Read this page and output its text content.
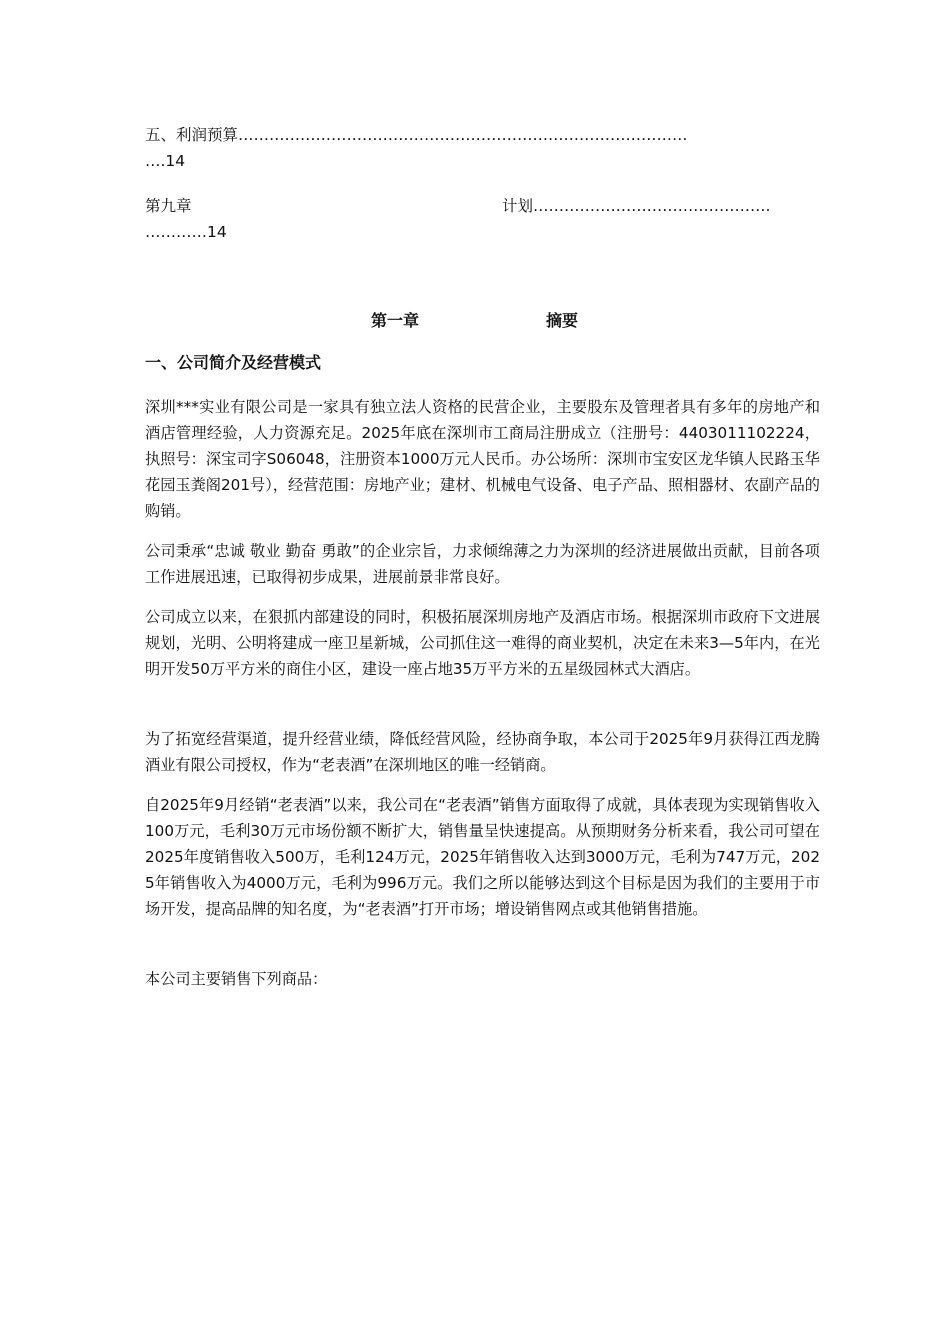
五、利润预算……………………………………………………………………………
….14
第九章	计划……………………………………….
…………14
第一章	摘要
一、公司简介及经营模式

深圳***实业有限公司是一家具有独立法人资格的民营企业，主要股东及管理者具有多年的房地产和酒店管理经验，人力资源充足。2025年底在深圳市工商局注册成立（注册号：4403011102224，执照号：深宝司字S06048，注册资本1000万元人民币。办公场所：深圳市宝安区龙华镇人民路玉华花园玉粪阁201号），经营范围：房地产业；建材、机械电气设备、电子产品、照相器材、农副产品的购销。

公司秉承“忠诚 敬业 勤奋 勇敢”的企业宗旨，力求倾绵薄之力为深圳的经济进展做出贡献，目前各项工作进展迅速，已取得初步成果，进展前景非常良好。

公司成立以来，在狠抓内部建设的同时，积极拓展深圳房地产及酒店市场。根据深圳市政府下文进展规划，光明、公明将建成一座卫星新城，公司抓住这一难得的商业契机，决定在未来3—5年内，在光明开发50万平方米的商住小区，建设一座占地35万平方米的五星级园林式大酒店。

为了拓宽经营渠道，提升经营业绩，降低经营风险，经协商争取，本公司于2025年9月获得江西龙腾酒业有限公司授权，作为“老表酒”在深圳地区的唯一经销商。

自2025年9月经销“老表酒”以来，我公司在“老表酒”销售方面取得了成就，具体表现为实现销售收入100万元，毛利30万元市场份额不断扩大，销售量呈快速提高。从预期财务分析来看，我公司可望在2025年度销售收入500万，毛利124万元，2025年销售收入达到3000万元，毛利为747万元，2025年销售收入为4000万元，毛利为996万元。我们之所以能够达到这个目标是因为我们的主要用于市场开发，提高品牌的知名度，为“老表酒”打开市场；增设销售网点或其他销售措施。

本公司主要销售下列商品：
